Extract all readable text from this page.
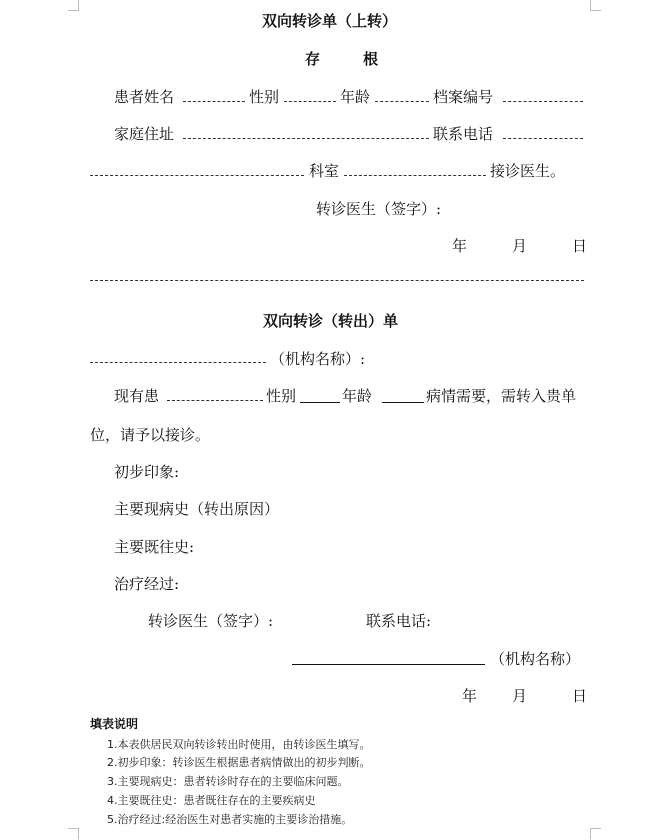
双向转诊单（上转）
存　根
患者姓名	性别	年龄	档案编号
家庭住址	联系电话
科室	接诊医生。
转诊医生（签字）:
年	月	日
双向转诊（转出）单
（机构名称）:
现有患	性别	年龄	病情需要，需转入贵单
位，请予以接诊。
初步印象:
主要现病史（转出原因）
主要既往史:
治疗经过:
转诊医生（签字）:	联系电话:
（机构名称）
年 月	日
填表说明
1.本表供居民双向转诊转出时使用，由转诊医生填写。
2.初步印象：转诊医生根据患者病情做出的初步判断。
3.主要现病史：患者转诊时存在的主要临床问题。
4.主要既往史：患者既往存在的主要疾病史
5.治疗经过:经治医生对患者实施的主要诊治措施。
